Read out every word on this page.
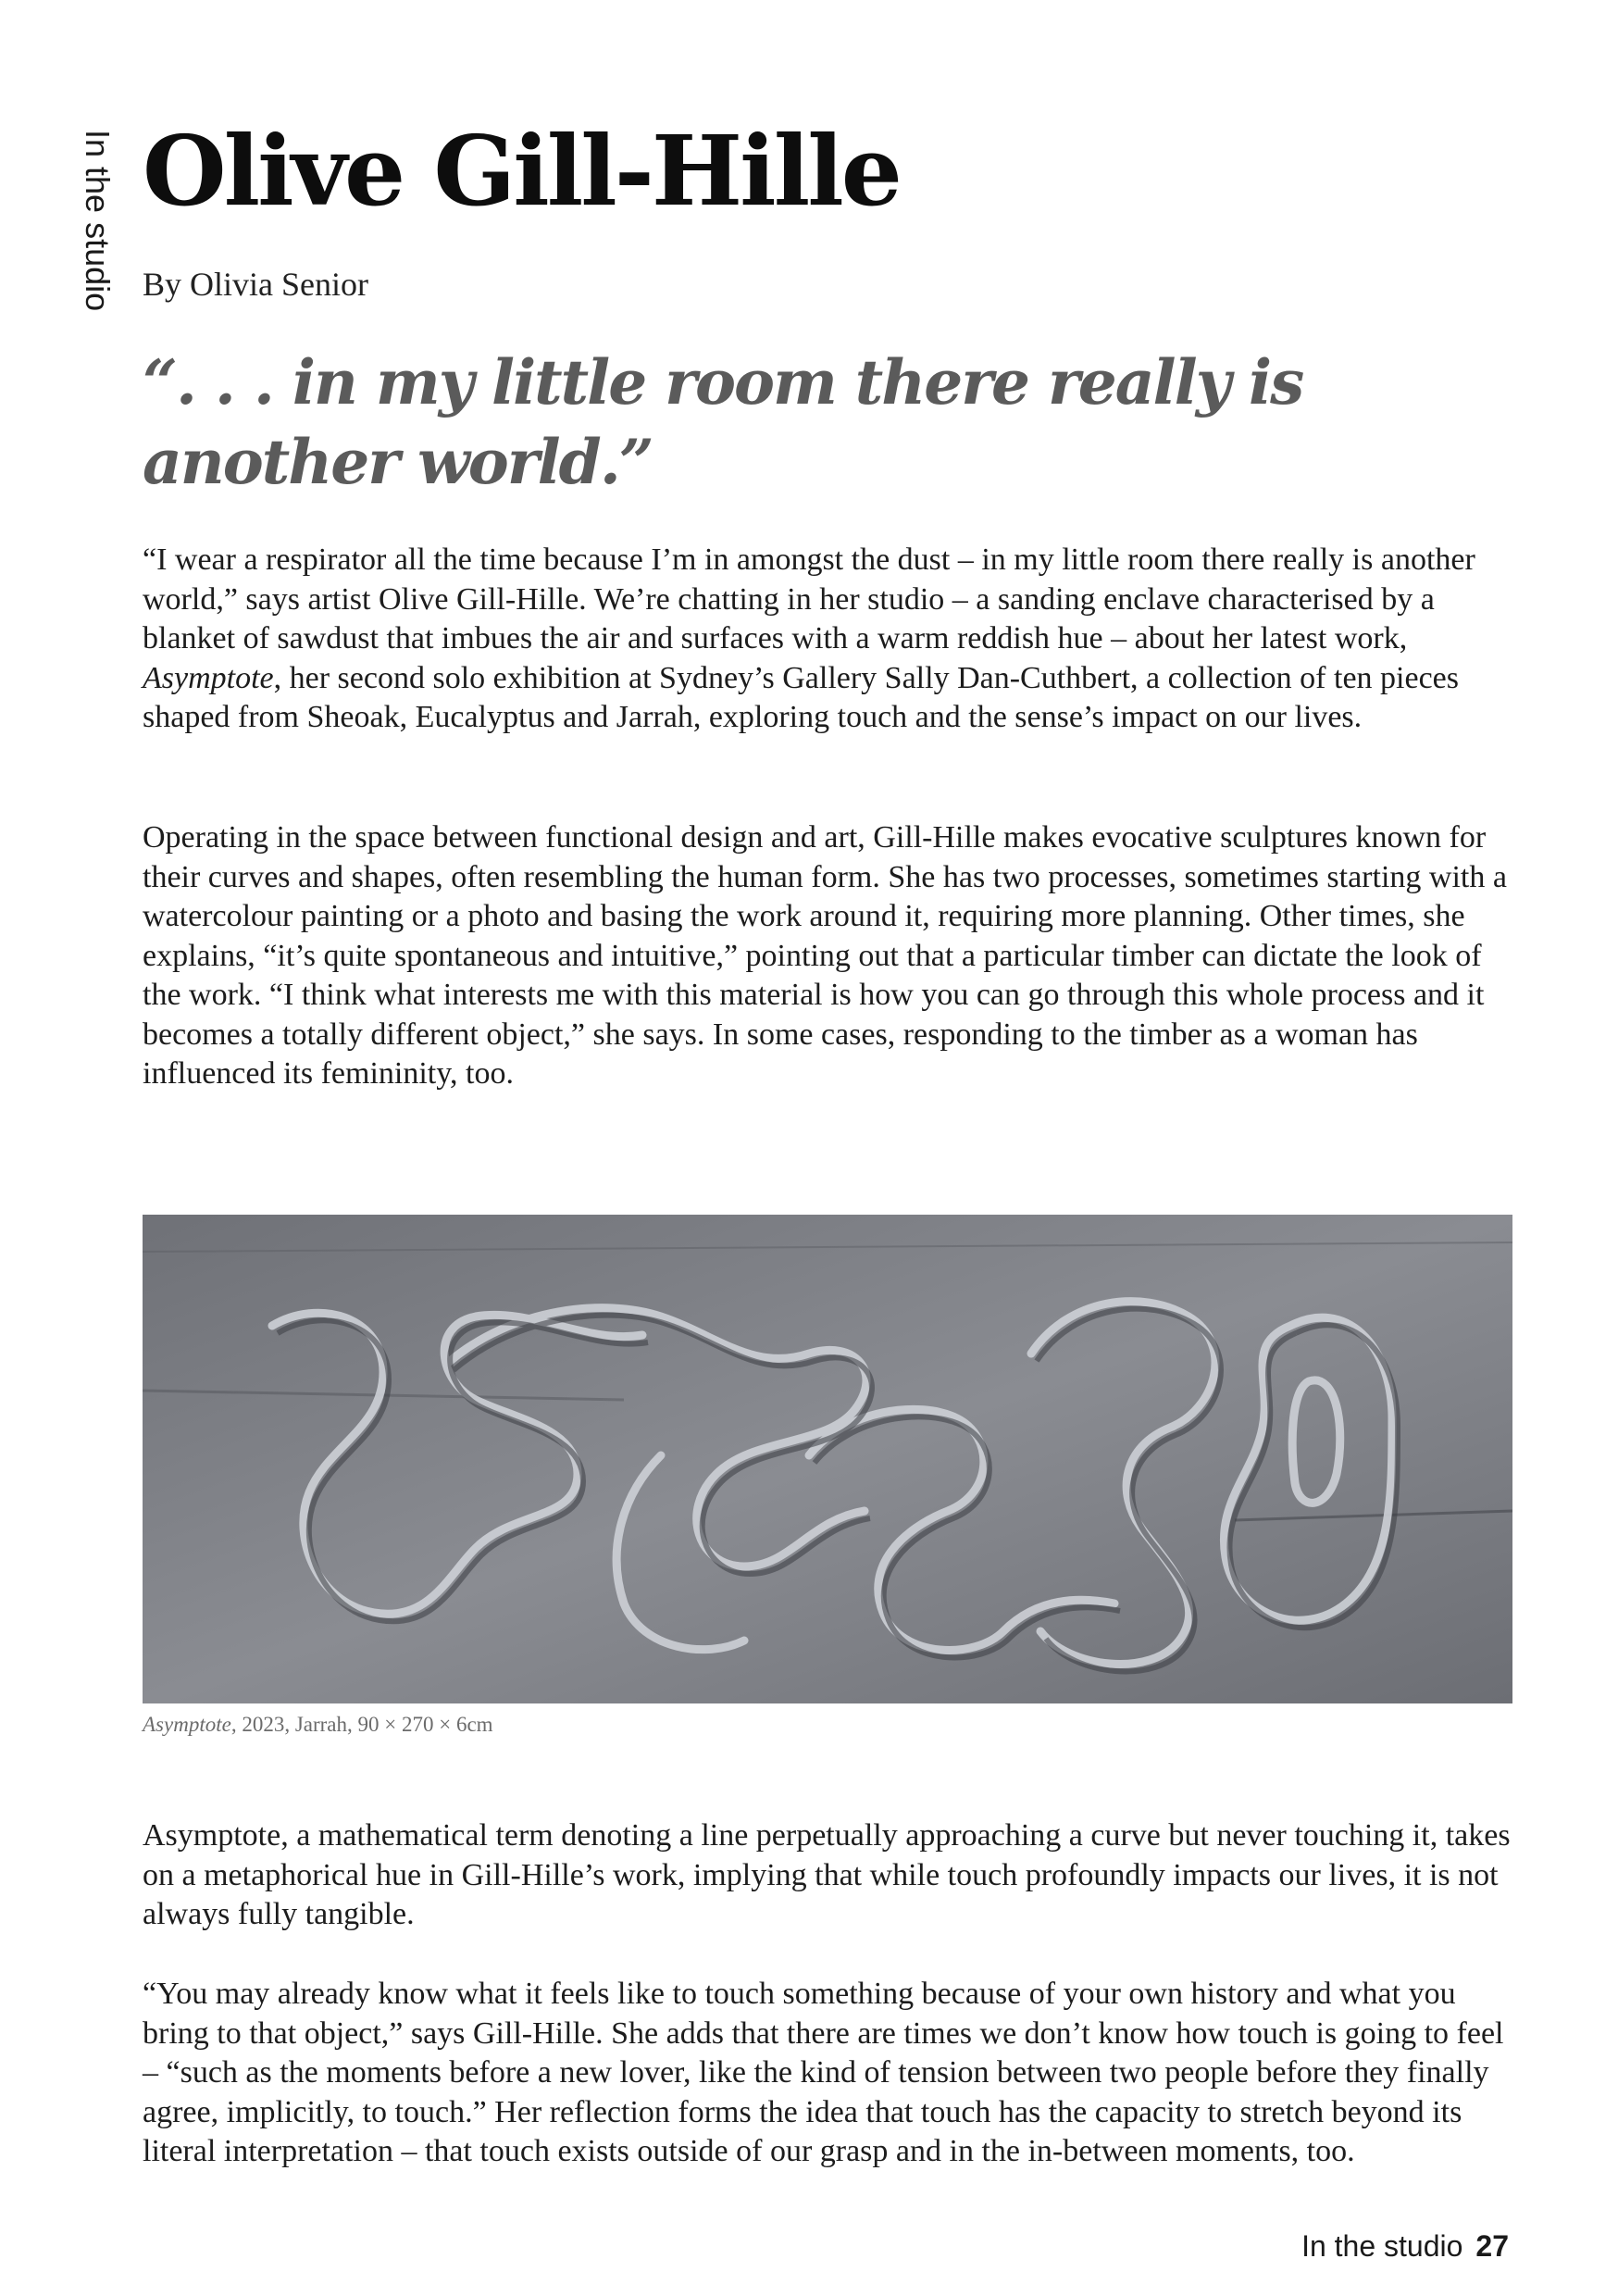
In the studio Olive Gill-Hille
By Olivia Senior

“. . . in my little room there really is another world.”

“I wear a respirator all the time because I’m in amongst the dust – in my little room there really is another world,” says artist Olive Gill-Hille. We’re chatting in her studio – a sanding enclave characterised by a blanket of sawdust that imbues the air and surfaces with a warm reddish hue – about her latest work, Asymptote, her second solo exhibition at Sydney’s Gallery Sally Dan-Cuthbert, a collection of ten pieces shaped from Sheoak, Eucalyptus and Jarrah, exploring touch and the sense’s impact on our lives.

Operating in the space between functional design and art, Gill-Hille makes evocative sculptures known for their curves and shapes, often resembling the human form. She has two processes, sometimes starting with a watercolour painting or a photo and basing the work around it, requiring more planning. Other times, she explains, “it’s quite spontaneous and intuitive,” pointing out that a particular timber can dictate the look of the work. “I think what interests me with this material is how you can go through this whole process and it becomes a totally different object,” she says. In some cases, responding to the timber as a woman has influenced its femininity, too.

Asymptote, 2023, Jarrah, 90 × 270 × 6cm

Asymptote, a mathematical term denoting a line perpetually approaching a curve but never touching it, takes on a metaphorical hue in Gill-Hille’s work, implying that while touch profoundly impacts our lives, it is not always fully tangible.

“You may already know what it feels like to touch something because of your own history and what you bring to that object,” says Gill-Hille. She adds that there are times we don’t know how touch is going to feel – “such as the moments before a new lover, like the kind of tension between two people before they finally agree, implicitly, to touch.” Her reflection forms the idea that touch has the capacity to stretch beyond its literal interpretation – that touch exists outside of our grasp and in the in-between moments, too.

In the studio 27
